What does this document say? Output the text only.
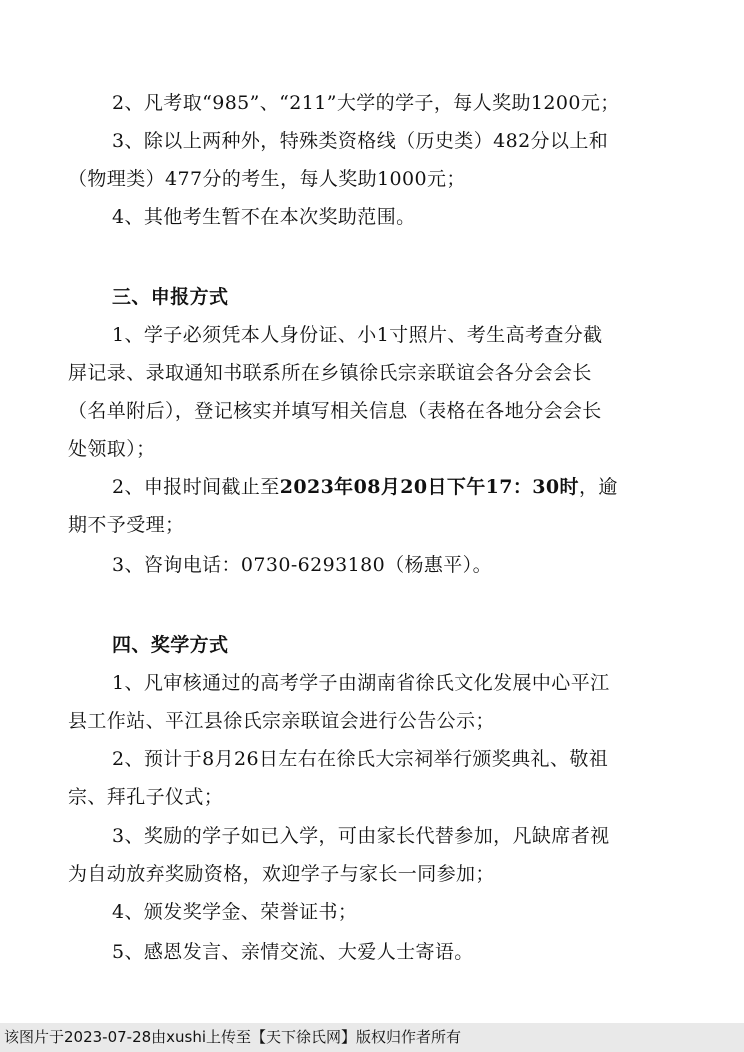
2、凡考取“985”、“211”大学的学子，每人奖助1200元；
3、除以上两种外，特殊类资格线（历史类）482分以上和
（物理类）477分的考生，每人奖助1000元；
4、其他考生暂不在本次奖助范围。
三、申报方式
1、学子必须凭本人身份证、小1寸照片、考生高考查分截
屏记录、录取通知书联系所在乡镇徐氏宗亲联谊会各分会会长
（名单附后），登记核实并填写相关信息（表格在各地分会会长
处领取）；
2、申报时间截止至2023年08月20日下午17：30时，逾
期不予受理；
3、咨询电话：0730-6293180（杨惠平）。
四、奖学方式
1、凡审核通过的高考学子由湖南省徐氏文化发展中心平江
县工作站、平江县徐氏宗亲联谊会进行公告公示；
2、预计于8月26日左右在徐氏大宗祠举行颁奖典礼、敬祖
宗、拜孔子仪式；
3、奖励的学子如已入学，可由家长代替参加，凡缺席者视
为自动放弃奖励资格，欢迎学子与家长一同参加；
4、颁发奖学金、荣誉证书；
5、感恩发言、亲情交流、大爱人士寄语。
该图片于2023-07-28由xushi上传至【天下徐氏网】版权归作者所有
